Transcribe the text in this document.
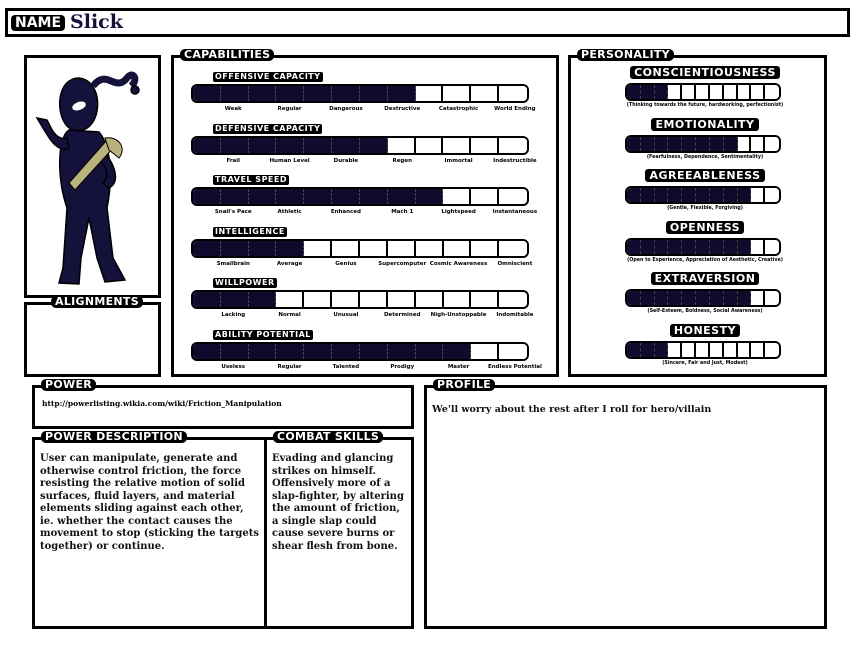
NAME Slick
ALIGNMENTS
CAPABILITIES
OFFENSIVE CAPACITY
Weak	Regular	Dangerous	Destructive	Catastrophic	World Ending
DEFENSIVE CAPACITY
Frail	Human Level	Durable	Regen	Immortal	Indestructible
TRAVEL SPEED
Snail's Pace	Athletic	Enhanced	Mach 1	Lightspeed	Instantaneous
INTELLIGENCE
Smallbrain	Average	Genius	Supercomputer Cosmic Awareness	Omniscient
WILLPOWER
Lacking	Normal	Unusual	Determined	Nigh-Unstoppable	Indomitable
ABILITY POTENTIAL
Useless	Regular	Talented	Prodigy	Master	Endless Potential
PERSONALITY
CONSCIENTIOUSNESS
(Thinking towards the future, hardworking, perfectionist)
EMOTIONALITY
(Fearfulness, Dependence, Sentimentality)
AGREEABLENESS
(Gentle, Flexible, Forgiving)
OPENNESS
(Open to Experience, Appreciation of Aesthetic, Creative)
EXTRAVERSION
(Self-Esteem, Boldness, Social Awareness)
HONESTY
(Sincere, Fair and Just, Modest)
POWER
http://powerlisting.wikia.com/wiki/Friction_Manipulation
POWER DESCRIPTION
User can manipulate, generate and otherwise control friction, the force resisting the relative motion of solid surfaces, fluid layers, and material elements sliding against each other, ie. whether the contact causes the movement to stop (sticking the targets together) or continue.
COMBAT SKILLS
Evading and glancing strikes on himself. Offensively more of a slap-fighter, by altering the amount of friction, a single slap could cause severe burns or shear flesh from bone.
PROFILE
We'll worry about the rest after I roll for hero/villain
